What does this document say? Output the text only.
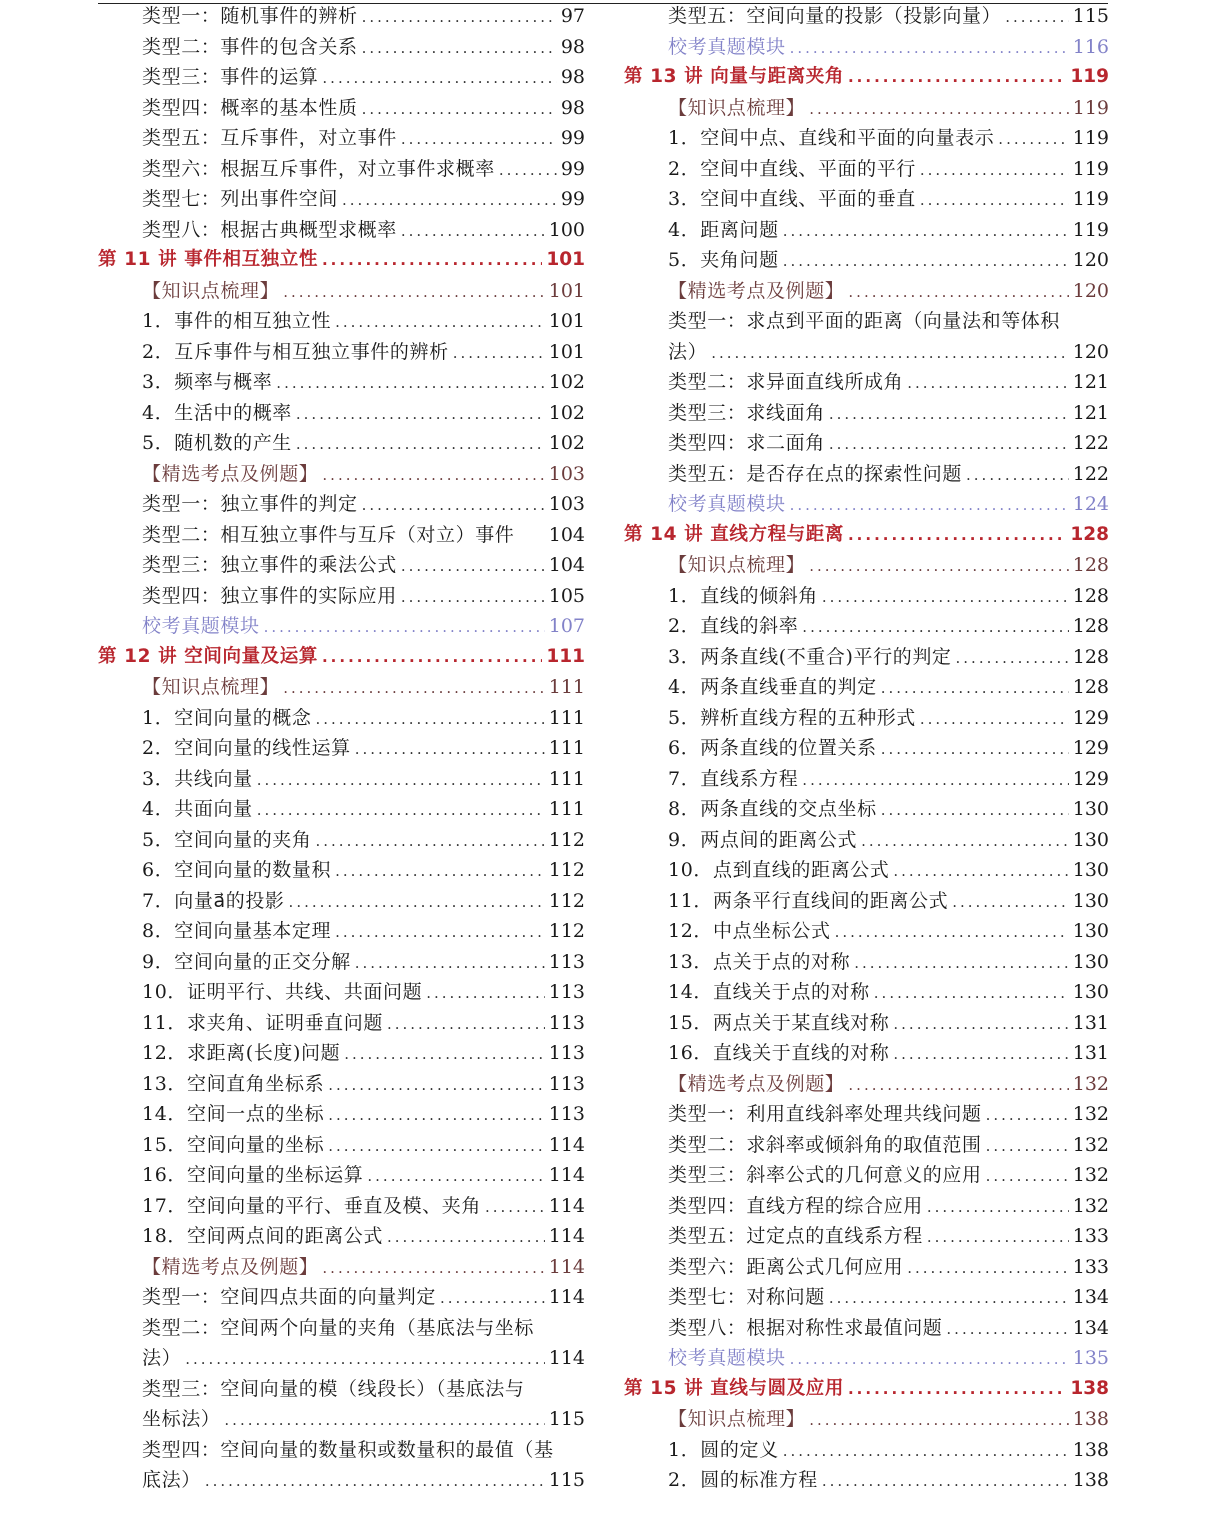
类型一：随机事件的辨析 .....	97
类型二：事件的包含关系 .....	98
类型三：事件的运算 .....	98
类型四：概率的基本性质 .....	98
类型五：互斥事件，对立事件 .....	99
类型六：根据互斥事件，对立事件求概率 .....	99
类型七：列出事件空间 .....	99
类型八：根据古典概型求概率 .....	100
第 11 讲 事件相互独立性 .....	101
【知识点梳理】 .....	101
1．事件的相互独立性 .....	101
2．互斥事件与相互独立事件的辨析 .....	101
3．频率与概率 .....	102
4．生活中的概率 .....	102
5．随机数的产生 .....	102
【精选考点及例题】 .....	103
类型一：独立事件的判定 .....	103
类型二：相互独立事件与互斥（对立）事件 104
类型三：独立事件的乘法公式 .....	104
类型四：独立事件的实际应用 .....	105
校考真题模块 .....	107
第 12 讲 空间向量及运算 .....	111
【知识点梳理】 .....	111
1．空间向量的概念 .....	111
2．空间向量的线性运算 .....	111
3．共线向量 .....	111
4．共面向量 .....	111
5．空间向量的夹角 .....	112
6．空间向量的数量积 .....	112
7．向量a⃗的投影 .....	112
8．空间向量基本定理 .....	112
9．空间向量的正交分解 .....	113
10．证明平行、共线、共面问题 .....	113
11．求夹角、证明垂直问题 .....	113
12．求距离(长度)问题 .....	113
13．空间直角坐标系 .....	113
14．空间一点的坐标 .....	113
15．空间向量的坐标 .....	114
16．空间向量的坐标运算 .....	114
17．空间向量的平行、垂直及模、夹角 .....	114
18．空间两点间的距离公式 .....	114
【精选考点及例题】 .....	114
类型一：空间四点共面的向量判定 .....	114
类型二：空间两个向量的夹角（基底法与坐标
法） .....	114
类型三：空间向量的模（线段长）（基底法与
坐标法） .....	115
类型四：空间向量的数量积或数量积的最值（基
底法） .....	115
类型五：空间向量的投影（投影向量） .....	115
校考真题模块 .....	116
第 13 讲 向量与距离夹角 .....	119
【知识点梳理】 .....	119
1．空间中点、直线和平面的向量表示 .....	119
2．空间中直线、平面的平行 .....	119
3．空间中直线、平面的垂直 .....	119
4．距离问题 .....	119
5．夹角问题 .....	120
【精选考点及例题】 .....	120
类型一：求点到平面的距离（向量法和等体积
法） .....	120
类型二：求异面直线所成角 .....	121
类型三：求线面角 .....	121
类型四：求二面角 .....	122
类型五：是否存在点的探索性问题 .....	122
校考真题模块 .....	124
第 14 讲 直线方程与距离 .....	128
【知识点梳理】 .....	128
1．直线的倾斜角 .....	128
2．直线的斜率 .....	128
3．两条直线(不重合)平行的判定 .....	128
4．两条直线垂直的判定 .....	128
5．辨析直线方程的五种形式 .....	129
6．两条直线的位置关系 .....	129
7．直线系方程 .....	129
8．两条直线的交点坐标 .....	130
9．两点间的距离公式 .....	130
10．点到直线的距离公式 .....	130
11．两条平行直线间的距离公式 .....	130
12．中点坐标公式 .....	130
13．点关于点的对称 .....	130
14．直线关于点的对称 .....	130
15．两点关于某直线对称 .....	131
16．直线关于直线的对称 .....	131
【精选考点及例题】 .....	132
类型一：利用直线斜率处理共线问题 .....	132
类型二：求斜率或倾斜角的取值范围 .....	132
类型三：斜率公式的几何意义的应用 .....	132
类型四：直线方程的综合应用 .....	132
类型五：过定点的直线系方程 .....	133
类型六：距离公式几何应用 .....	133
类型七：对称问题 .....	134
类型八：根据对称性求最值问题 .....	134
校考真题模块 .....	135
第 15 讲 直线与圆及应用 .....	138
【知识点梳理】 .....	138
1．圆的定义 .....	138
2．圆的标准方程 .....	138
